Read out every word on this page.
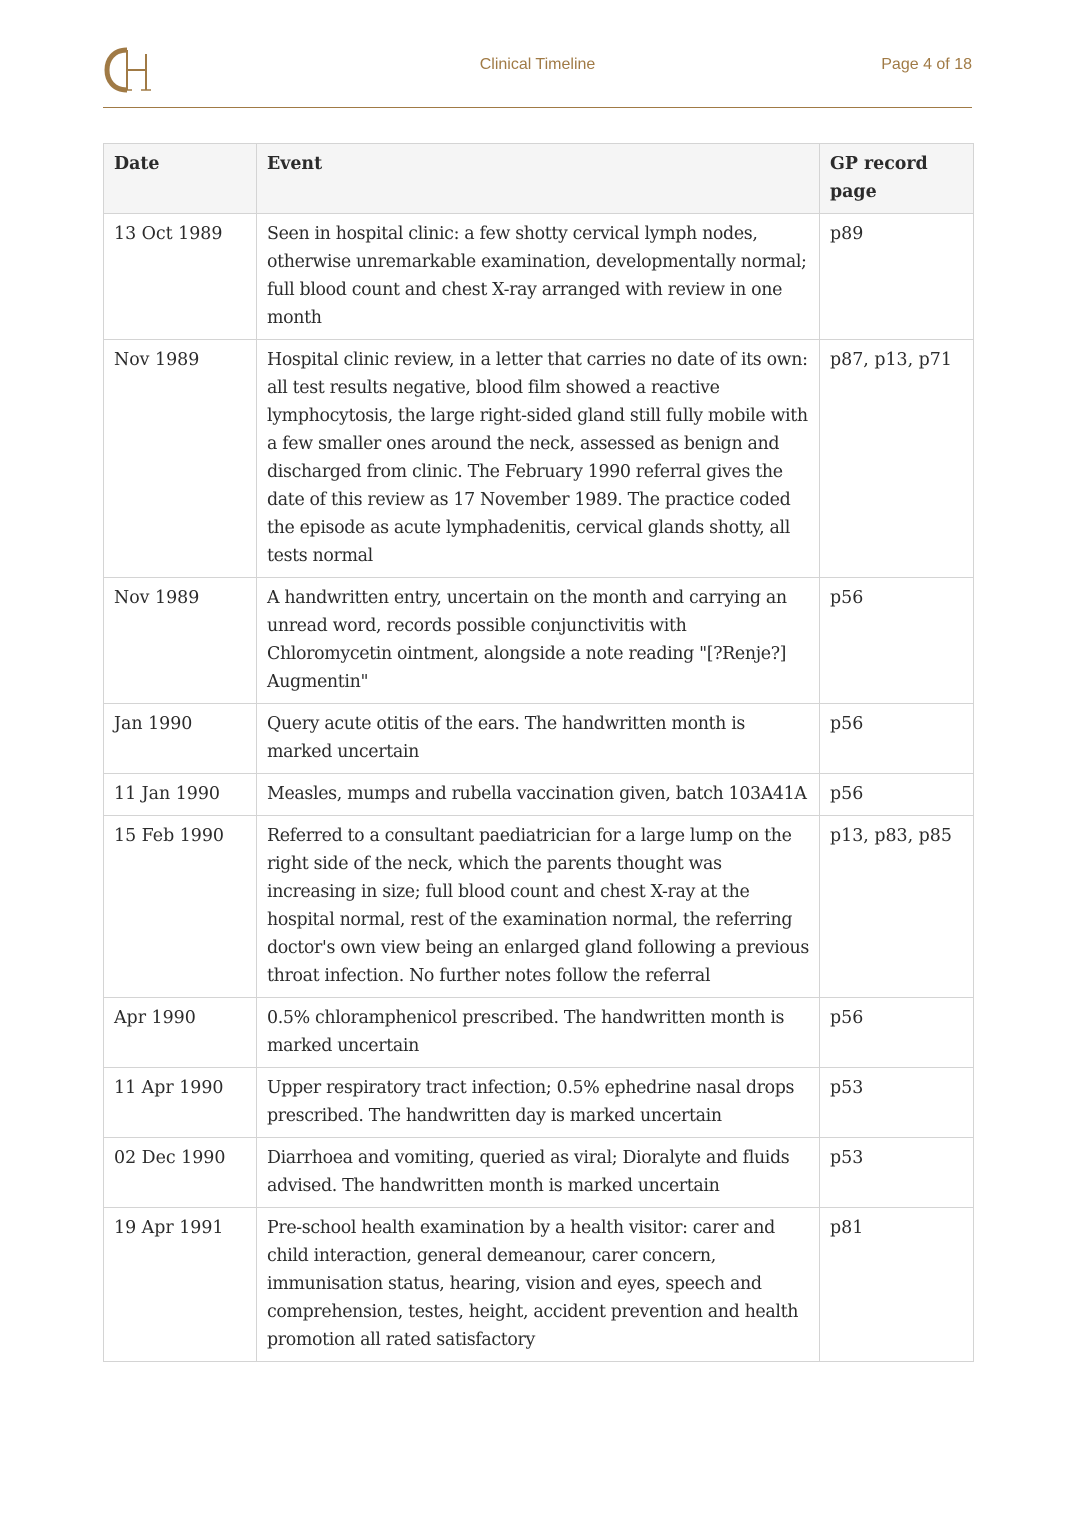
Clinical Timeline	Page 4 of 18
Date	Event	GP record page
13 Oct 1989	Seen in hospital clinic: a few shotty cervical lymph nodes, otherwise unremarkable examination, developmentally normal; full blood count and chest X-ray arranged with review in one month	p89
Nov 1989	Hospital clinic review, in a letter that carries no date of its own: all test results negative, blood film showed a reactive lymphocytosis, the large right-sided gland still fully mobile with a few smaller ones around the neck, assessed as benign and discharged from clinic. The February 1990 referral gives the date of this review as 17 November 1989. The practice coded the episode as acute lymphadenitis, cervical glands shotty, all tests normal	p87, p13, p71
Nov 1989	A handwritten entry, uncertain on the month and carrying an unread word, records possible conjunctivitis with Chloromycetin ointment, alongside a note reading "[?Renje?] Augmentin"	p56
Jan 1990	Query acute otitis of the ears. The handwritten month is marked uncertain	p56
11 Jan 1990	Measles, mumps and rubella vaccination given, batch 103A41A	p56
15 Feb 1990	Referred to a consultant paediatrician for a large lump on the right side of the neck, which the parents thought was increasing in size; full blood count and chest X-ray at the hospital normal, rest of the examination normal, the referring doctor's own view being an enlarged gland following a previous throat infection. No further notes follow the referral	p13, p83, p85
Apr 1990	0.5% chloramphenicol prescribed. The handwritten month is marked uncertain	p56
11 Apr 1990	Upper respiratory tract infection; 0.5% ephedrine nasal drops prescribed. The handwritten day is marked uncertain	p53
02 Dec 1990	Diarrhoea and vomiting, queried as viral; Dioralyte and fluids advised. The handwritten month is marked uncertain	p53
19 Apr 1991	Pre-school health examination by a health visitor: carer and child interaction, general demeanour, carer concern, immunisation status, hearing, vision and eyes, speech and comprehension, testes, height, accident prevention and health promotion all rated satisfactory	p81
